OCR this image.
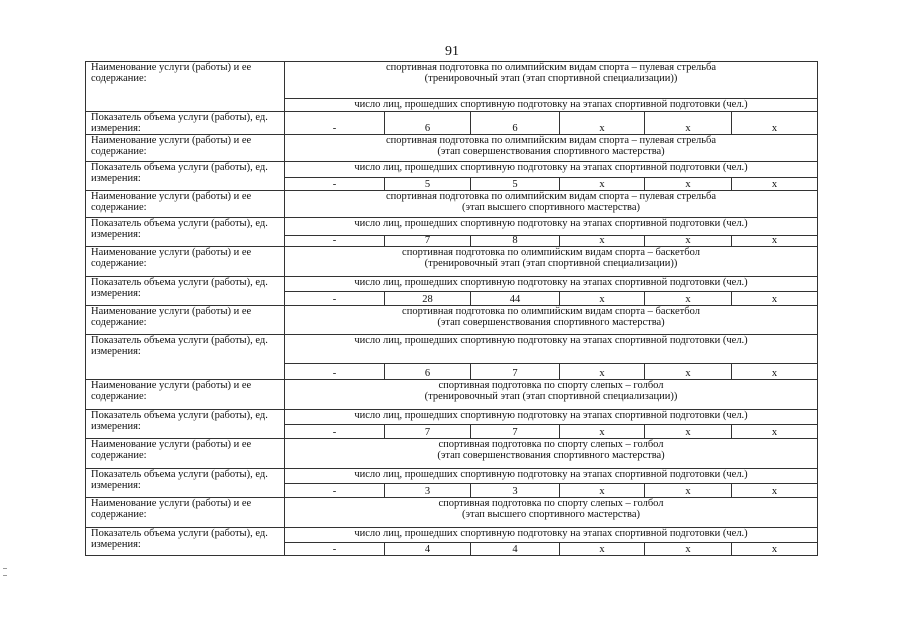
91
Наименование услуги (работы) и ее содержание:	спортивная подготовка по олимпийским видам спорта – пулевая стрельба
(тренировочный этап (этап спортивной специализации))					

	число лиц, прошедших спортивную подготовку на этапах спортивной подготовки (чел.)					
Показатель объема услуги (работы), ед. измерения:	-	6	6	х	х	х
Наименование услуги (работы) и ее содержание:	спортивная подготовка по олимпийским видам спорта – пулевая стрельба
(этап совершенствования спортивного мастерства)					

Показатель объема услуги (работы), ед. измерения:	число лиц, прошедших спортивную подготовку на этапах спортивной подготовки (чел.)					
	-	5	5	х	х	х
Наименование услуги (работы) и ее содержание:	спортивная подготовка по олимпийским видам спорта – пулевая стрельба
(этап высшего спортивного мастерства)					

Показатель объема услуги (работы), ед. измерения:	число лиц, прошедших спортивную подготовку на этапах спортивной подготовки (чел.)					
	-	7	8	х	х	х
Наименование услуги (работы) и ее содержание:	спортивная подготовка по олимпийским видам спорта – баскетбол
(тренировочный этап (этап спортивной специализации))					

Показатель объема услуги (работы), ед. измерения:	число лиц, прошедших спортивную подготовку на этапах спортивной подготовки (чел.)					
	-	28	44	х	х	х
Наименование услуги (работы) и ее содержание:	спортивная подготовка по олимпийским видам спорта – баскетбол
(этап совершенствования спортивного мастерства)					

Показатель объема услуги (работы), ед. измерения:	число лиц, прошедших спортивную подготовку на этапах спортивной подготовки (чел.)					
	-	6	7	х	х	х
Наименование услуги (работы) и ее содержание:	спортивная подготовка по спорту слепых – голбол
(тренировочный этап (этап спортивной специализации))					

Показатель объема услуги (работы), ед. измерения:	число лиц, прошедших спортивную подготовку на этапах спортивной подготовки (чел.)					
	-	7	7	х	х	х
Наименование услуги (работы) и ее содержание:	спортивная подготовка по спорту слепых – голбол
(этап совершенствования спортивного мастерства)					

Показатель объема услуги (работы), ед. измерения:	число лиц, прошедших спортивную подготовку на этапах спортивной подготовки (чел.)					
	-	3	3	х	х	х
Наименование услуги (работы) и ее содержание:	спортивная подготовка по спорту слепых – голбол
(этап высшего спортивного мастерства)					

Показатель объема услуги (работы), ед. измерения:	число лиц, прошедших спортивную подготовку на этапах спортивной подготовки (чел.)					
	-	4	4	х	х	х
